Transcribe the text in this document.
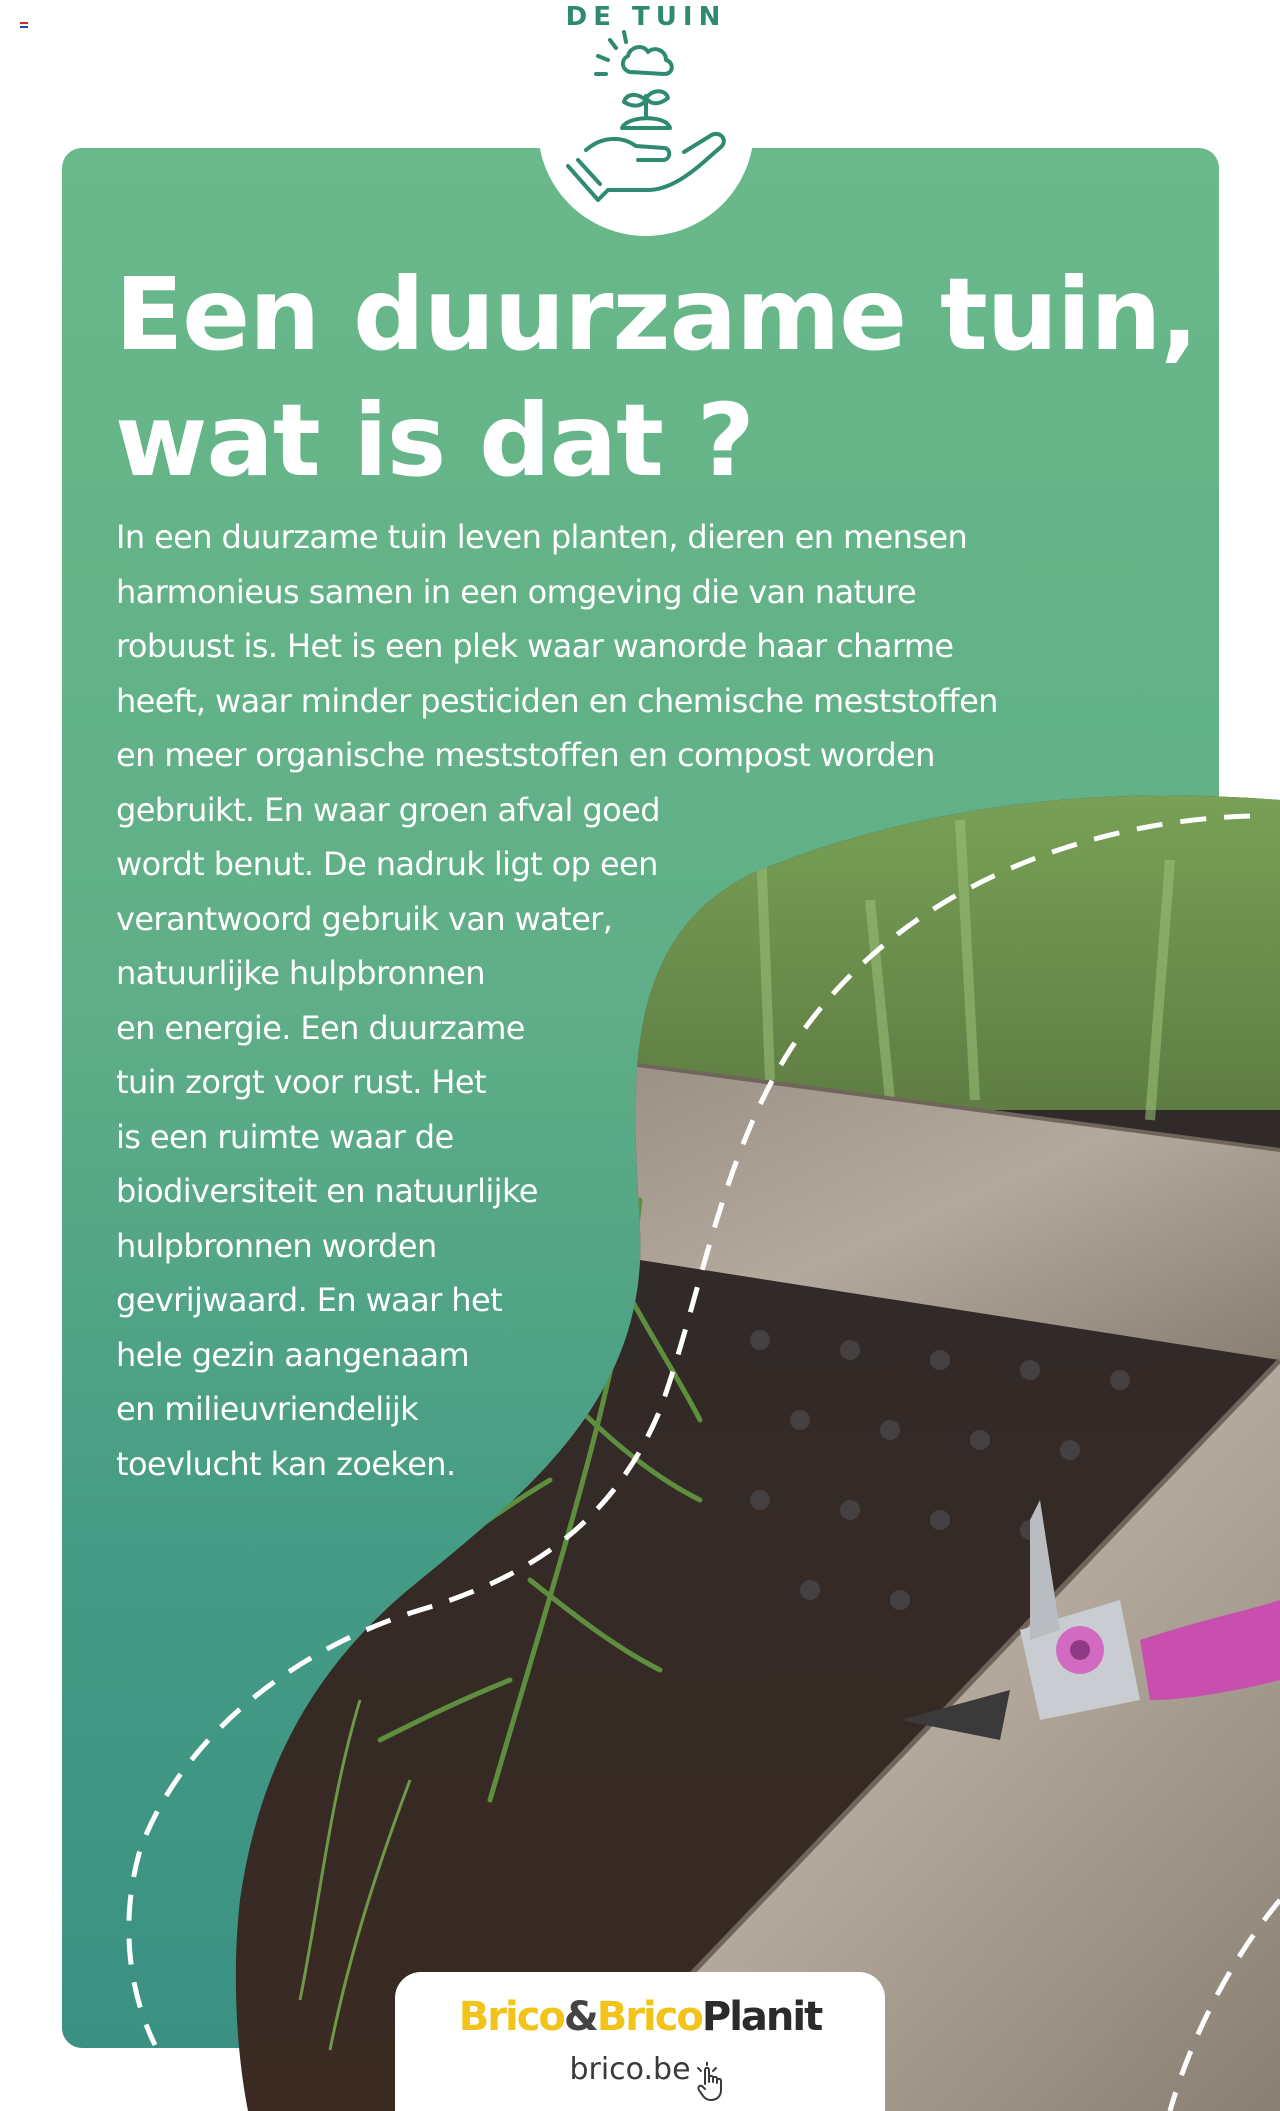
DE TUIN
Een duurzame tuin,
wat is dat ?
In een duurzame tuin leven planten, dieren en mensen
harmonieus samen in een omgeving die van nature
robuust is. Het is een plek waar wanorde haar charme
heeft, waar minder pesticiden en chemische meststoffen
en meer organische meststoffen en compost worden
gebruikt. En waar groen afval goed
wordt benut. De nadruk ligt op een
verantwoord gebruik van water,
natuurlijke hulpbronnen
en energie. Een duurzame
tuin zorgt voor rust. Het
is een ruimte waar de
biodiversiteit en natuurlijke
hulpbronnen worden
gevrijwaard. En waar het
hele gezin aangenaam
en milieuvriendelijk
toevlucht kan zoeken.
Brico&BricoPlanit
brico.be
